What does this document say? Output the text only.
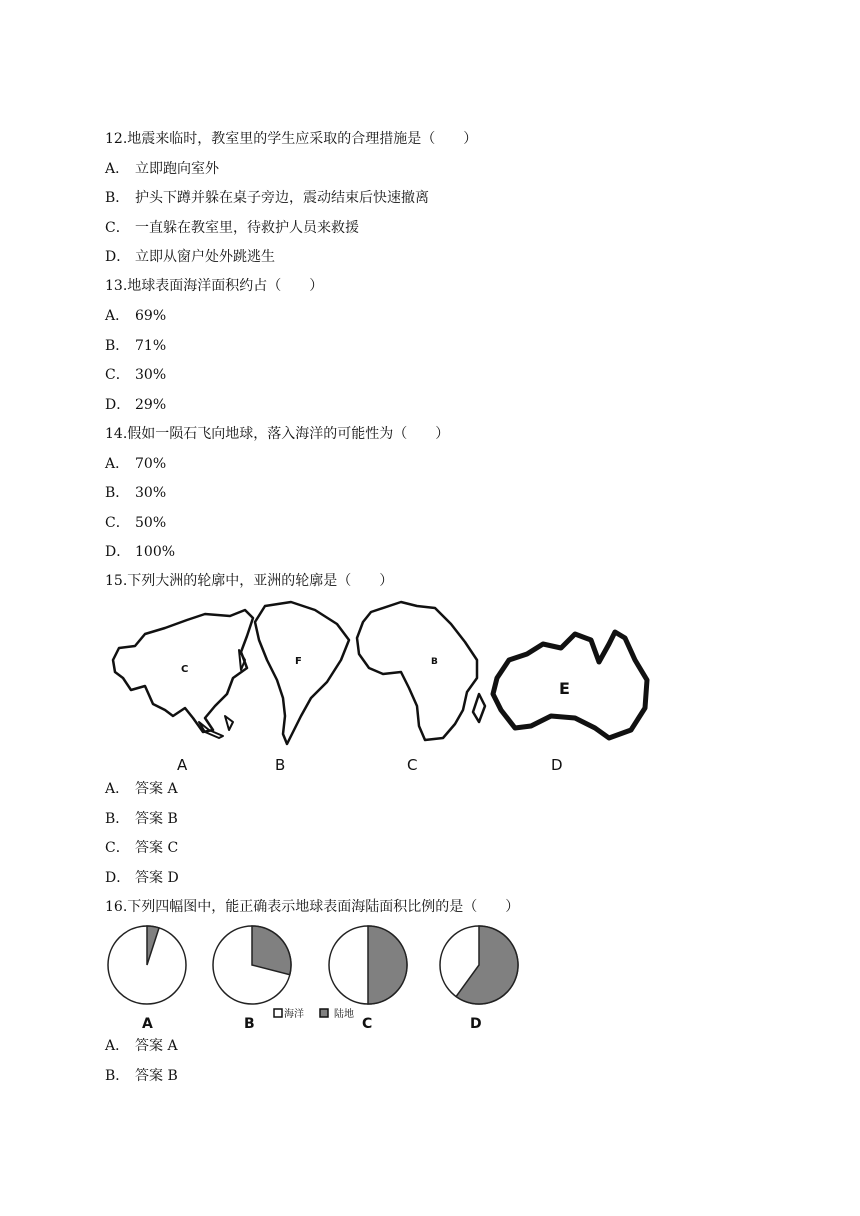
12.地震来临时，教室里的学生应采取的合理措施是（　　）
A． 立即跑向室外
B． 护头下蹲并躲在桌子旁边，震动结束后快速撤离
C． 一直躲在教室里，待救护人员来救援
D． 立即从窗户处外跳逃生
13.地球表面海洋面积约占（　　）
A． 69%
B． 71%
C． 30%
D． 29%
14.假如一陨石飞向地球，落入海洋的可能性为（　　）
A． 70%
B． 30%
C． 50%
D． 100%
15.下列大洲的轮廓中，亚洲的轮廓是（　　）
C
F	B
E
A	B	C	D
A． 答案 A
B． 答案 B
C． 答案 C
D． 答案 D
16.下列四幅图中，能正确表示地球表面海陆面积比例的是（　　）
A	B	C	D
海洋	陆地
A． 答案 A
B． 答案 B
